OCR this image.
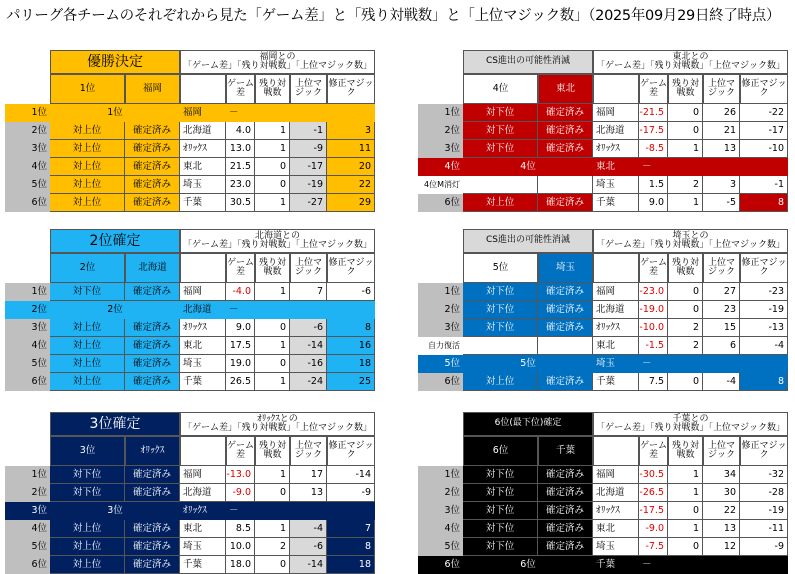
パリーグ各チームのそれぞれから見た「ゲーム差」と「残り対戦数」と「上位マジック数」（2025年09月29日終了時点）
優勝決定
1位	福岡
福岡との
「ゲーム差」「残り対戦数」「上位マジック数」
ゲーム差
残り対戦数
上位マジック
修正マジック
1位	1位	福岡	－
2位	対上位	確定済み	北海道	4.0	1	-1	3
3位	対上位	確定済み	ｵﾘｯｸｽ	13.0	1	-9	11
4位	対上位	確定済み	東北	21.5	0	-17	20
5位	対上位	確定済み	埼玉	23.0	0	-19	22
6位	対上位	確定済み	千葉	30.5	1	-27	29
2位確定
2位	北海道
北海道との
「ゲーム差」「残り対戦数」「上位マジック数」
ゲーム差
残り対戦数
上位マジック
修正マジック
1位	対下位	確定済み	福岡	-4.0	1	7	-6
2位	2位	北海道	－
3位	対上位	確定済み	ｵﾘｯｸｽ	9.0	0	-6	8
4位	対上位	確定済み	東北	17.5	1	-14	16
5位	対上位	確定済み	埼玉	19.0	0	-16	18
6位	対上位	確定済み	千葉	26.5	1	-24	25
3位確定
3位	ｵﾘｯｸｽ
ｵﾘｯｸｽとの
「ゲーム差」「残り対戦数」「上位マジック数」
ゲーム差
残り対戦数
上位マジック
修正マジック
1位	対下位	確定済み	福岡	-13.0	1	17	-14
2位	対下位	確定済み	北海道	-9.0	0	13	-9
3位	3位	ｵﾘｯｸｽ	－
4位	対上位	確定済み	東北	8.5	1	-4	7
5位	対上位	確定済み	埼玉	10.0	2	-6	8
6位	対上位	確定済み	千葉	18.0	0	-14	18
CS進出の可能性消滅
4位	東北
東北との
「ゲーム差」「残り対戦数」「上位マジック数」
ゲーム差
残り対戦数
上位マジック
修正マジック
1位	対下位	確定済み	福岡	-21.5	0	26	-22
2位	対下位	確定済み	北海道	-17.5	0	21	-17
3位	対下位	確定済み	ｵﾘｯｸｽ	-8.5	1	13	-10
4位	4位	東北	－
4位M消灯	埼玉	1.5	2	3	-1
6位	対上位	確定済み	千葉	9.0	1	-5	8
CS進出の可能性消滅
5位	埼玉
埼玉との
「ゲーム差」「残り対戦数」「上位マジック数」
ゲーム差
残り対戦数
上位マジック
修正マジック
1位	対下位	確定済み	福岡	-23.0	0	27	-23
2位	対下位	確定済み	北海道	-19.0	0	23	-19
3位	対下位	確定済み	ｵﾘｯｸｽ	-10.0	2	15	-13
自力復活	東北	-1.5	2	6	-4
5位	5位	埼玉	－
6位	対上位	確定済み	千葉	7.5	0	-4	8
6位(最下位)確定
6位	千葉
千葉との
「ゲーム差」「残り対戦数」「上位マジック数」
ゲーム差
残り対戦数
上位マジック
修正マジック
1位	対下位	確定済み	福岡	-30.5	1	34	-32
2位	対下位	確定済み	北海道	-26.5	1	30	-28
3位	対下位	確定済み	ｵﾘｯｸｽ	-17.5	0	22	-19
4位	対下位	確定済み	東北	-9.0	1	13	-11
5位	対下位	確定済み	埼玉	-7.5	0	12	-9
6位	6位	千葉	－
